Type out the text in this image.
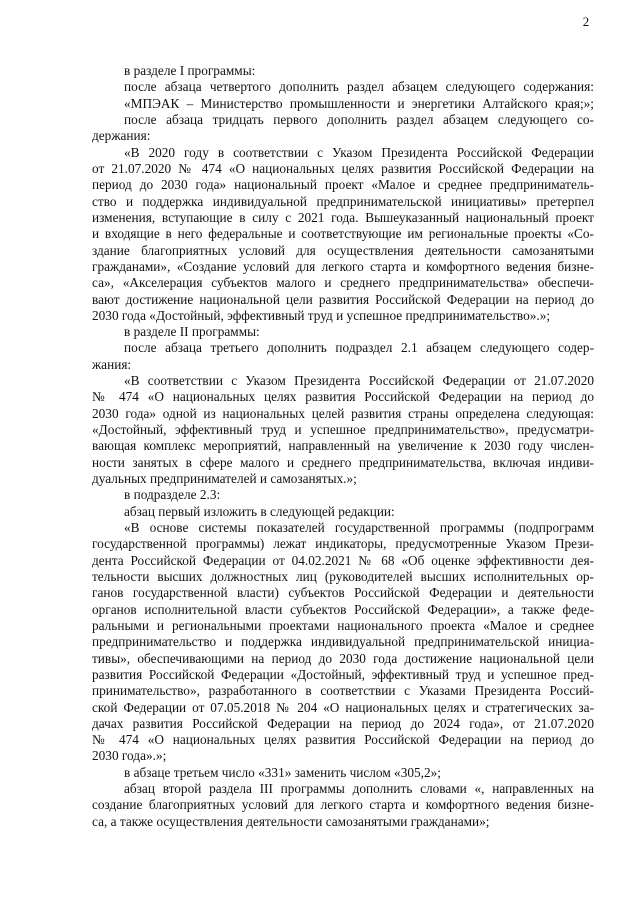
2
в разделе I программы:
после абзаца четвертого дополнить раздел абзацем следующего содержания:
«МПЭАК – Министерство промышленности и энергетики Алтайского края;»;
после абзаца тридцать первого дополнить раздел абзацем следующего со-
держания:
«В 2020 году в соответствии с Указом Президента Российской Федерации
от 21.07.2020 № 474 «О национальных целях развития Российской Федерации на
период до 2030 года» национальный проект «Малое и среднее предприниматель-
ство и поддержка индивидуальной предпринимательской инициативы» претерпел
изменения, вступающие в силу с 2021 года. Вышеуказанный национальный проект
и входящие в него федеральные и соответствующие им региональные проекты «Со-
здание благоприятных условий для осуществления деятельности самозанятыми
гражданами», «Создание условий для легкого старта и комфортного ведения бизне-
са», «Акселерация субъектов малого и среднего предпринимательства» обеспечи-
вают достижение национальной цели развития Российской Федерации на период до
2030 года «Достойный, эффективный труд и успешное предпринимательство».»;
в разделе II программы:
после абзаца третьего дополнить подраздел 2.1 абзацем следующего содер-
жания:
«В соответствии с Указом Президента Российской Федерации от 21.07.2020
№ 474 «О национальных целях развития Российской Федерации на период до
2030 года» одной из национальных целей развития страны определена следующая:
«Достойный, эффективный труд и успешное предпринимательство», предусматри-
вающая комплекс мероприятий, направленный на увеличение к 2030 году числен-
ности занятых в сфере малого и среднего предпринимательства, включая индиви-
дуальных предпринимателей и самозанятых.»;
в подразделе 2.3:
абзац первый изложить в следующей редакции:
«В основе системы показателей государственной программы (подпрограмм
государственной программы) лежат индикаторы, предусмотренные Указом Прези-
дента Российской Федерации от 04.02.2021 № 68 «Об оценке эффективности дея-
тельности высших должностных лиц (руководителей высших исполнительных ор-
ганов государственной власти) субъектов Российской Федерации и деятельности
органов исполнительной власти субъектов Российской Федерации», а также феде-
ральными и региональными проектами национального проекта «Малое и среднее
предпринимательство и поддержка индивидуальной предпринимательской инициа-
тивы», обеспечивающими на период до 2030 года достижение национальной цели
развития Российской Федерации «Достойный, эффективный труд и успешное пред-
принимательство», разработанного в соответствии с Указами Президента Россий-
ской Федерации от 07.05.2018 № 204 «О национальных целях и стратегических за-
дачах развития Российской Федерации на период до 2024 года», от 21.07.2020
№ 474 «О национальных целях развития Российской Федерации на период до
2030 года».»;
в абзаце третьем число «331» заменить числом «305,2»;
абзац второй раздела III программы дополнить словами «, направленных на
создание благоприятных условий для легкого старта и комфортного ведения бизне-
са, а также осуществления деятельности самозанятыми гражданами»;
